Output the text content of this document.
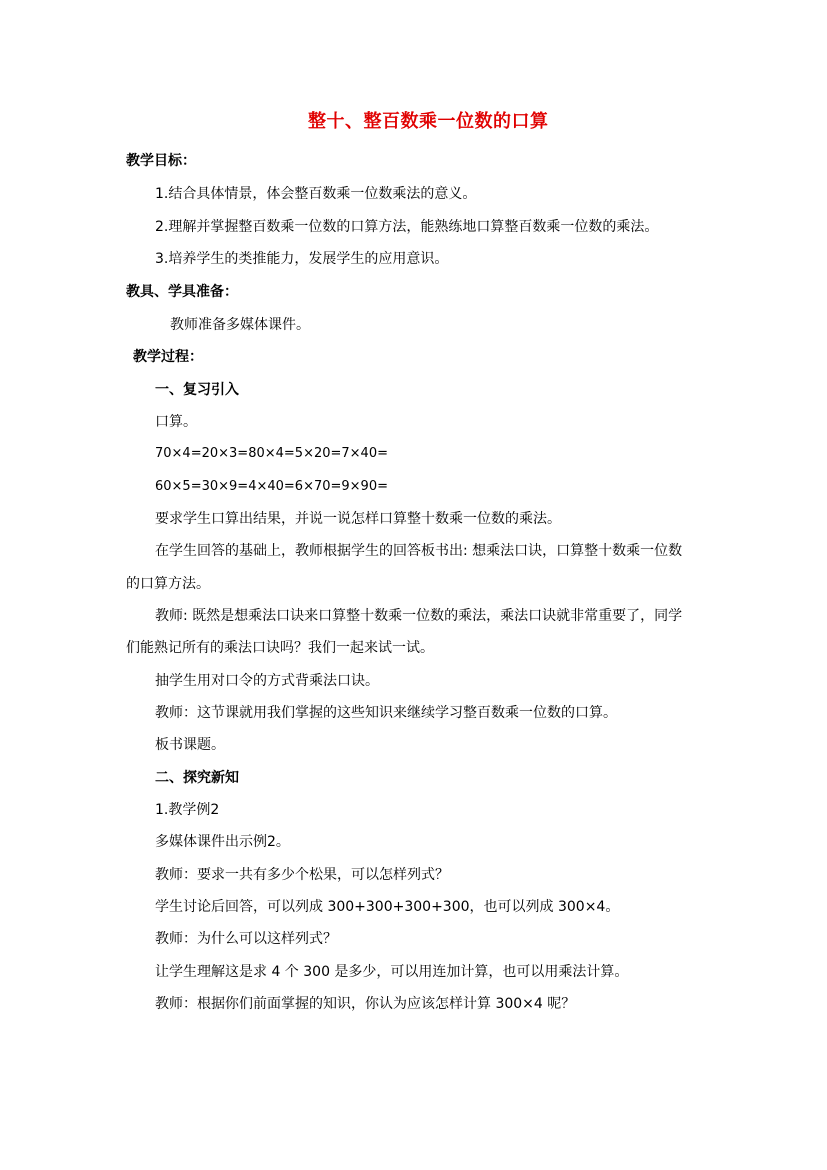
整十、整百数乘一位数的口算
教学目标：
1.结合具体情景，体会整百数乘一位数乘法的意义。
2.理解并掌握整百数乘一位数的口算方法，能熟练地口算整百数乘一位数的乘法。
3.培养学生的类推能力，发展学生的应用意识。
教具、学具准备：
教师准备多媒体课件。
教学过程：
一、复习引入
口算。
70×4=20×3=80×4=5×20=7×40=
60×5=30×9=4×40=6×70=9×90=
要求学生口算出结果，并说一说怎样口算整十数乘一位数的乘法。
在学生回答的基础上，教师根据学生的回答板书出: 想乘法口诀，口算整十数乘一位数
的口算方法。
教师: 既然是想乘法口诀来口算整十数乘一位数的乘法，乘法口诀就非常重要了，同学
们能熟记所有的乘法口诀吗？我们一起来试一试。
抽学生用对口令的方式背乘法口诀。
教师：这节课就用我们掌握的这些知识来继续学习整百数乘一位数的口算。
板书课题。
二、探究新知
1.教学例2
多媒体课件出示例2。
教师：要求一共有多少个松果，可以怎样列式？
学生讨论后回答，可以列成 300+300+300+300，也可以列成 300×4。
教师：为什么可以这样列式？
让学生理解这是求 4 个 300 是多少，可以用连加计算，也可以用乘法计算。
教师：根据你们前面掌握的知识，你认为应该怎样计算 300×4 呢？
